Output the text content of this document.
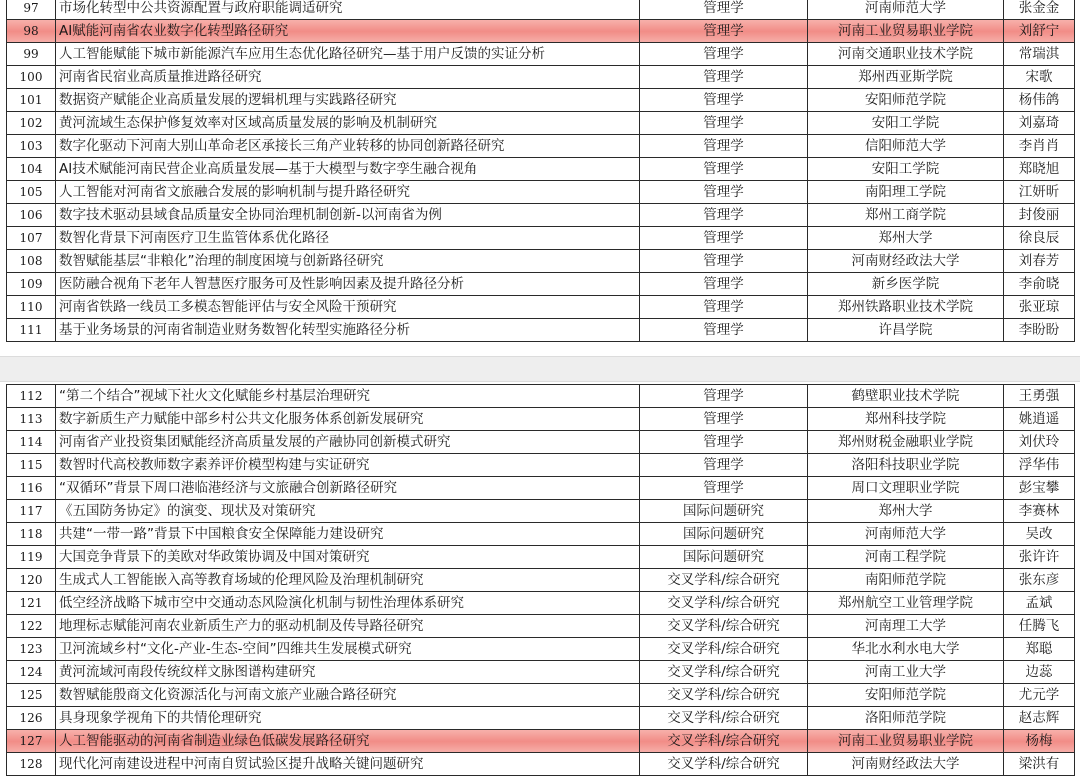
97	市场化转型中公共资源配置与政府职能调适研究	管理学	河南师范大学	张金金
98	AI赋能河南省农业数字化转型路径研究	管理学	河南工业贸易职业学院	刘舒宁
99	人工智能赋能下城市新能源汽车应用生态优化路径研究—基于用户反馈的实证分析	管理学	河南交通职业技术学院	常瑞淇
100	河南省民宿业高质量推进路径研究	管理学	郑州西亚斯学院	宋歌
101	数据资产赋能企业高质量发展的逻辑机理与实践路径研究	管理学	安阳师范学院	杨伟鸽
102	黄河流域生态保护修复效率对区域高质量发展的影响及机制研究	管理学	安阳工学院	刘嘉琦
103	数字化驱动下河南大别山革命老区承接长三角产业转移的协同创新路径研究	管理学	信阳师范大学	李肖肖
104	AI技术赋能河南民营企业高质量发展—基于大模型与数字孪生融合视角	管理学	安阳工学院	郑晓旭
105	人工智能对河南省文旅融合发展的影响机制与提升路径研究	管理学	南阳理工学院	江妍昕
106	数字技术驱动县域食品质量安全协同治理机制创新-以河南省为例	管理学	郑州工商学院	封俊丽
107	数智化背景下河南医疗卫生监管体系优化路径	管理学	郑州大学	徐良辰
108	数智赋能基层“非粮化”治理的制度困境与创新路径研究	管理学	河南财经政法大学	刘春芳
109	医防融合视角下老年人智慧医疗服务可及性影响因素及提升路径分析	管理学	新乡医学院	李俞晓
110	河南省铁路一线员工多模态智能评估与安全风险干预研究	管理学	郑州铁路职业技术学院	张亚琼
111	基于业务场景的河南省制造业财务数智化转型实施路径分析	管理学	许昌学院	李盼盼
112	“第二个结合”视域下社火文化赋能乡村基层治理研究	管理学	鹤壁职业技术学院	王勇强
113	数字新质生产力赋能中部乡村公共文化服务体系创新发展研究	管理学	郑州科技学院	姚逍遥
114	河南省产业投资集团赋能经济高质量发展的产融协同创新模式研究	管理学	郑州财税金融职业学院	刘伏玲
115	数智时代高校教师数字素养评价模型构建与实证研究	管理学	洛阳科技职业学院	浮华伟
116	“双循环”背景下周口港临港经济与文旅融合创新路径研究	管理学	周口文理职业学院	彭宝攀
117	《五国防务协定》的演变、现状及对策研究	国际问题研究	郑州大学	李赛林
118	共建“一带一路”背景下中国粮食安全保障能力建设研究	国际问题研究	河南师范大学	吴改
119	大国竞争背景下的美欧对华政策协调及中国对策研究	国际问题研究	河南工程学院	张许许
120	生成式人工智能嵌入高等教育场域的伦理风险及治理机制研究	交叉学科/综合研究	南阳师范学院	张东彦
121	低空经济战略下城市空中交通动态风险演化机制与韧性治理体系研究	交叉学科/综合研究	郑州航空工业管理学院	孟斌
122	地理标志赋能河南农业新质生产力的驱动机制及传导路径研究	交叉学科/综合研究	河南理工大学	任腾飞
123	卫河流域乡村“文化-产业-生态-空间”四维共生发展模式研究	交叉学科/综合研究	华北水利水电大学	郑聪
124	黄河流域河南段传统纹样文脉图谱构建研究	交叉学科/综合研究	河南工业大学	边蕊
125	数智赋能殷商文化资源活化与河南文旅产业融合路径研究	交叉学科/综合研究	安阳师范学院	尤元学
126	具身现象学视角下的共情伦理研究	交叉学科/综合研究	洛阳师范学院	赵志辉
127	人工智能驱动的河南省制造业绿色低碳发展路径研究	交叉学科/综合研究	河南工业贸易职业学院	杨梅
128	现代化河南建设进程中河南自贸试验区提升战略关键问题研究	交叉学科/综合研究	河南财经政法大学	梁洪有
